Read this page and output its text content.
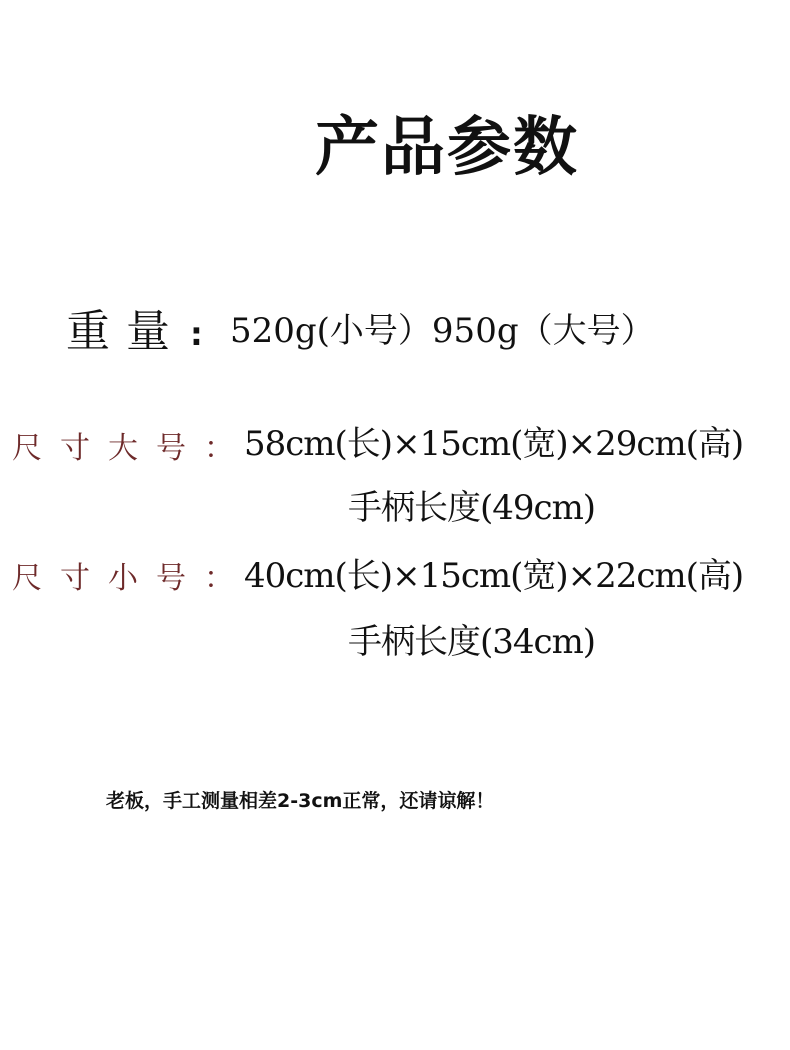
产品参数
重量 : 520g(小号）950g（大号）
尺寸大号：
58cm(长)×15cm(宽)×29cm(高)
手柄长度(49cm)
尺寸小号：
40cm(长)×15cm(宽)×22cm(高)
手柄长度(34cm)
老板，手工测量相差2-3cm正常，还请谅解！
